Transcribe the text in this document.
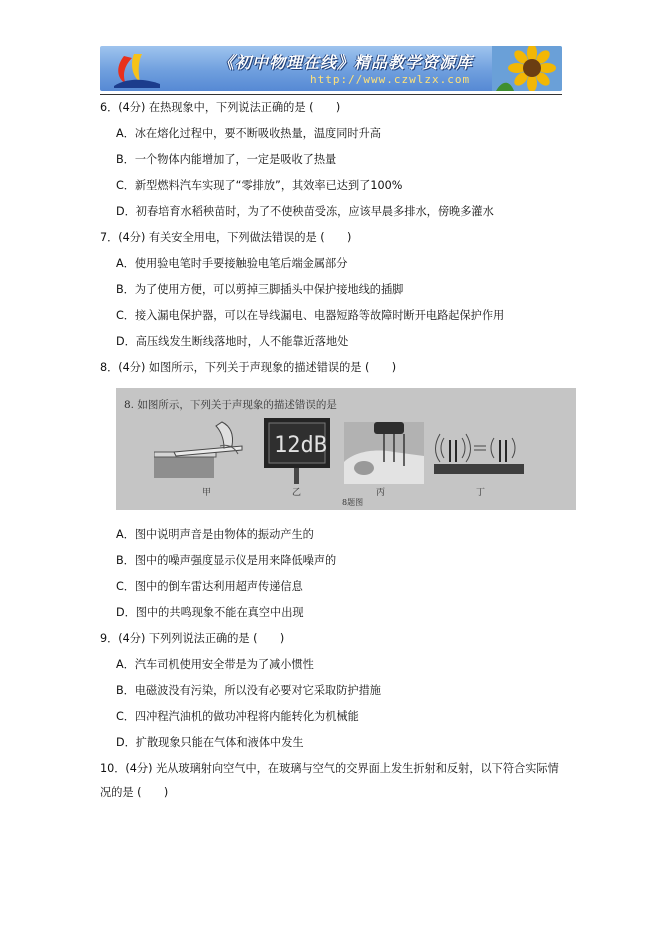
《初中物理在线》精品教学资源库
http://www.czwlzx.com
6．(4分) 在热现象中，下列说法正确的是 (　　)
A．冰在熔化过程中，要不断吸收热量，温度同时升高
B．一个物体内能增加了，一定是吸收了热量
C．新型燃料汽车实现了“零排放”，其效率已达到了100%
D．初春培育水稻秧苗时，为了不使秧苗受冻，应该早晨多排水，傍晚多灌水
7．(4分) 有关安全用电，下列做法错误的是 (　　)
A．使用验电笔时手要接触验电笔后端金属部分
B．为了使用方便，可以剪掉三脚插头中保护接地线的插脚
C．接入漏电保护器，可以在导线漏电、电器短路等故障时断开电路起保护作用
D．高压线发生断线落地时，人不能靠近落地处
8．(4分) 如图所示，下列关于声现象的描述错误的是 (　　)
8. 如图所示，下列关于声现象的描述错误的是
甲
12dB
乙	丙	丁
8题图
A．图中说明声音是由物体的振动产生的
B．图中的噪声强度显示仪是用来降低噪声的
C．图中的倒车雷达利用超声传递信息
D．图中的共鸣现象不能在真空中出现
9．(4分) 下列列说法正确的是 (　　)
A．汽车司机使用安全带是为了减小惯性
B．电磁波没有污染，所以没有必要对它采取防护措施
C．四冲程汽油机的做功冲程将内能转化为机械能
D．扩散现象只能在气体和液体中发生
10．(4分) 光从玻璃射向空气中，在玻璃与空气的交界面上发生折射和反射，以下符合实际情况的是 (　　)
